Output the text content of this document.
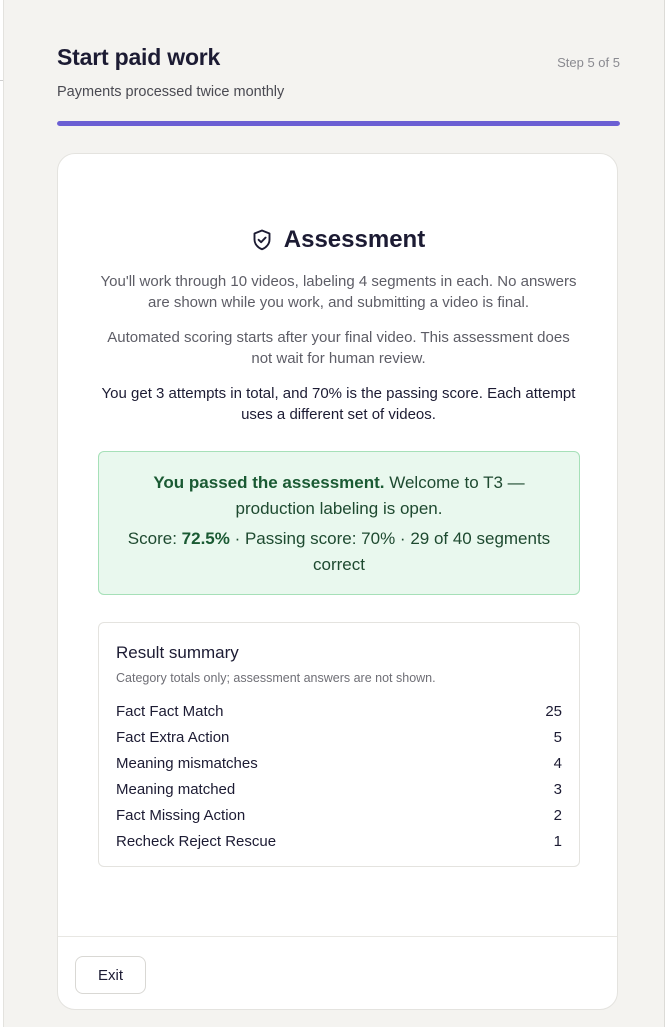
Start paid work
Payments processed twice monthly
Step 5 of 5
Assessment
You'll work through 10 videos, labeling 4 segments in each. No answers are shown while you work, and submitting a video is final.
Automated scoring starts after your final video. This assessment does not wait for human review.
You get 3 attempts in total, and 70% is the passing score. Each attempt uses a different set of videos.
You passed the assessment. Welcome to T3 — production labeling is open.
Score: 72.5% · Passing score: 70% · 29 of 40 segments correct
Result summary
Category totals only; assessment answers are not shown.
Fact Fact Match	25
Fact Extra Action	5
Meaning mismatches	4
Meaning matched	3
Fact Missing Action	2
Recheck Reject Rescue	1
Exit
